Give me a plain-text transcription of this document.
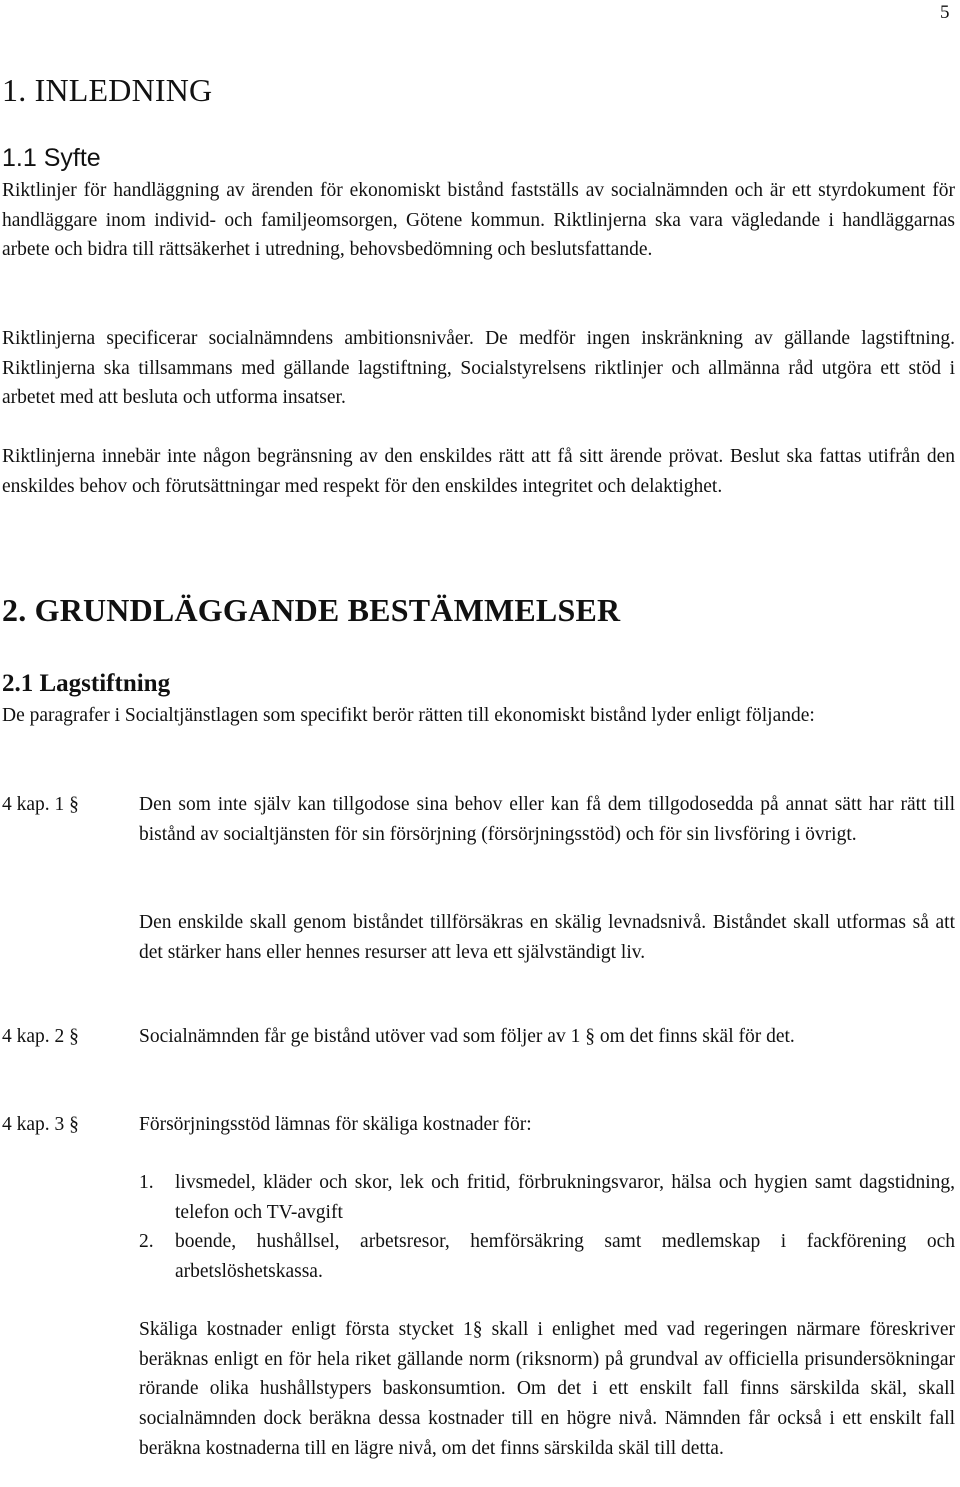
5
1. INLEDNING
1.1 Syfte

Riktlinjer för handläggning av ärenden för ekonomiskt bistånd fastställs av socialnämnden och är ett styrdokument för handläggare inom individ- och familjeomsorgen, Götene kommun. Riktlinjerna ska vara vägledande i handläggarnas arbete och bidra till rättsäkerhet i utredning, behovsbedömning och beslutsfattande.

Riktlinjerna specificerar socialnämndens ambitionsnivåer. De medför ingen inskränkning av gällande lagstiftning. Riktlinjerna ska tillsammans med gällande lagstiftning, Socialstyrelsens riktlinjer och allmänna råd utgöra ett stöd i arbetet med att besluta och utforma insatser.

Riktlinjerna innebär inte någon begränsning av den enskildes rätt att få sitt ärende prövat. Beslut ska fattas utifrån den enskildes behov och förutsättningar med respekt för den enskildes integritet och delaktighet.

2. GRUNDLÄGGANDE BESTÄMMELSER
2.1 Lagstiftning

De paragrafer i Socialtjänstlagen som specifikt berör rätten till ekonomiskt bistånd lyder enligt följande:

4 kap. 1 §	Den som inte själv kan tillgodose sina behov eller kan få dem tillgodosedda på annat sätt har rätt till bistånd av socialtjänsten för sin försörjning (försörjningsstöd) och för sin livsföring i övrigt.

Den enskilde skall genom biståndet tillförsäkras en skälig levnadsnivå. Biståndet skall utformas så att det stärker hans eller hennes resurser att leva ett självständigt liv.

4 kap. 2 §	Socialnämnden får ge bistånd utöver vad som följer av 1 § om det finns skäl för det.

4 kap. 3 §	Försörjningsstöd lämnas för skäliga kostnader för:

1. livsmedel, kläder och skor, lek och fritid, förbrukningsvaror, hälsa och hygien samt dagstidning, telefon och TV-avgift
2. boende, hushållsel, arbetsresor, hemförsäkring samt medlemskap i fackförening och arbetslöshetskassa.

Skäliga kostnader enligt första stycket 1§ skall i enlighet med vad regeringen närmare föreskriver beräknas enligt en för hela riket gällande norm (riksnorm) på grundval av officiella prisundersökningar rörande olika hushållstypers baskonsumtion. Om det i ett enskilt fall finns särskilda skäl, skall socialnämnden dock beräkna dessa kostnader till en högre nivå. Nämnden får också i ett enskilt fall beräkna kostnaderna till en lägre nivå, om det finns särskilda skäl till detta.
